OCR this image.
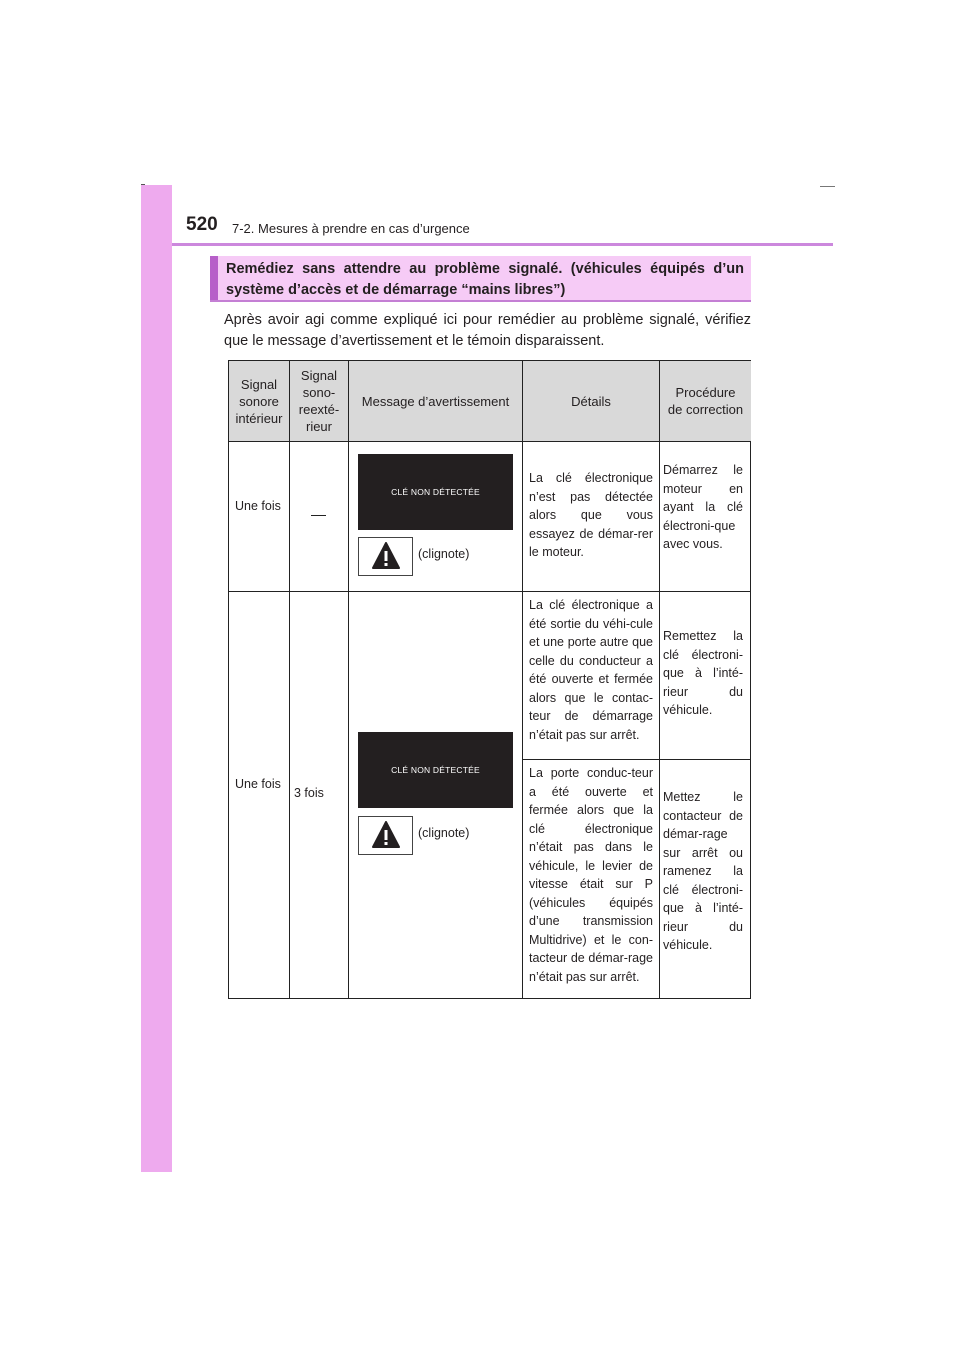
520 7-2. Mesures à prendre en cas d’urgence
Remédiez sans attendre au problème signalé. (véhicules équipés d’un système d’accès et de démarrage “mains libres”)
Après avoir agi comme expliqué ici pour remédier au problème signalé, vérifiez que le message d’avertissement et le témoin disparaissent.
Signal sonore intérieur
Signal sono-reexté-rieur
Message d’avertissement	Détails
Procédure de correction
Une fois
CLÉ NON DÉTECTÉE
(clignote)
La clé électronique n’est pas détectée alors que vous essayez de démar-rer le moteur.
Démarrez le moteur en ayant la clé électroni-que avec vous.
Une fois
3 fois
CLÉ NON DÉTECTÉE
(clignote)
La clé électronique a été sortie du véhi-cule et une porte autre que celle du conducteur a été ouverte et fermée alors que le contac-teur de démarrage n’était pas sur arrêt.
Remettez la clé électroni-que à l’inté-rieur du véhicule.
La porte conduc-teur a été ouverte et fermée alors que la clé électronique n’était pas dans le véhicule, le levier de vitesse était sur P (véhicules équipés d’une transmission Multidrive) et le con-tacteur de démar-rage n’était pas sur arrêt.
Mettez le contacteur de démar-rage sur arrêt ou ramenez la clé électroni-que à l’inté-rieur du véhicule.
